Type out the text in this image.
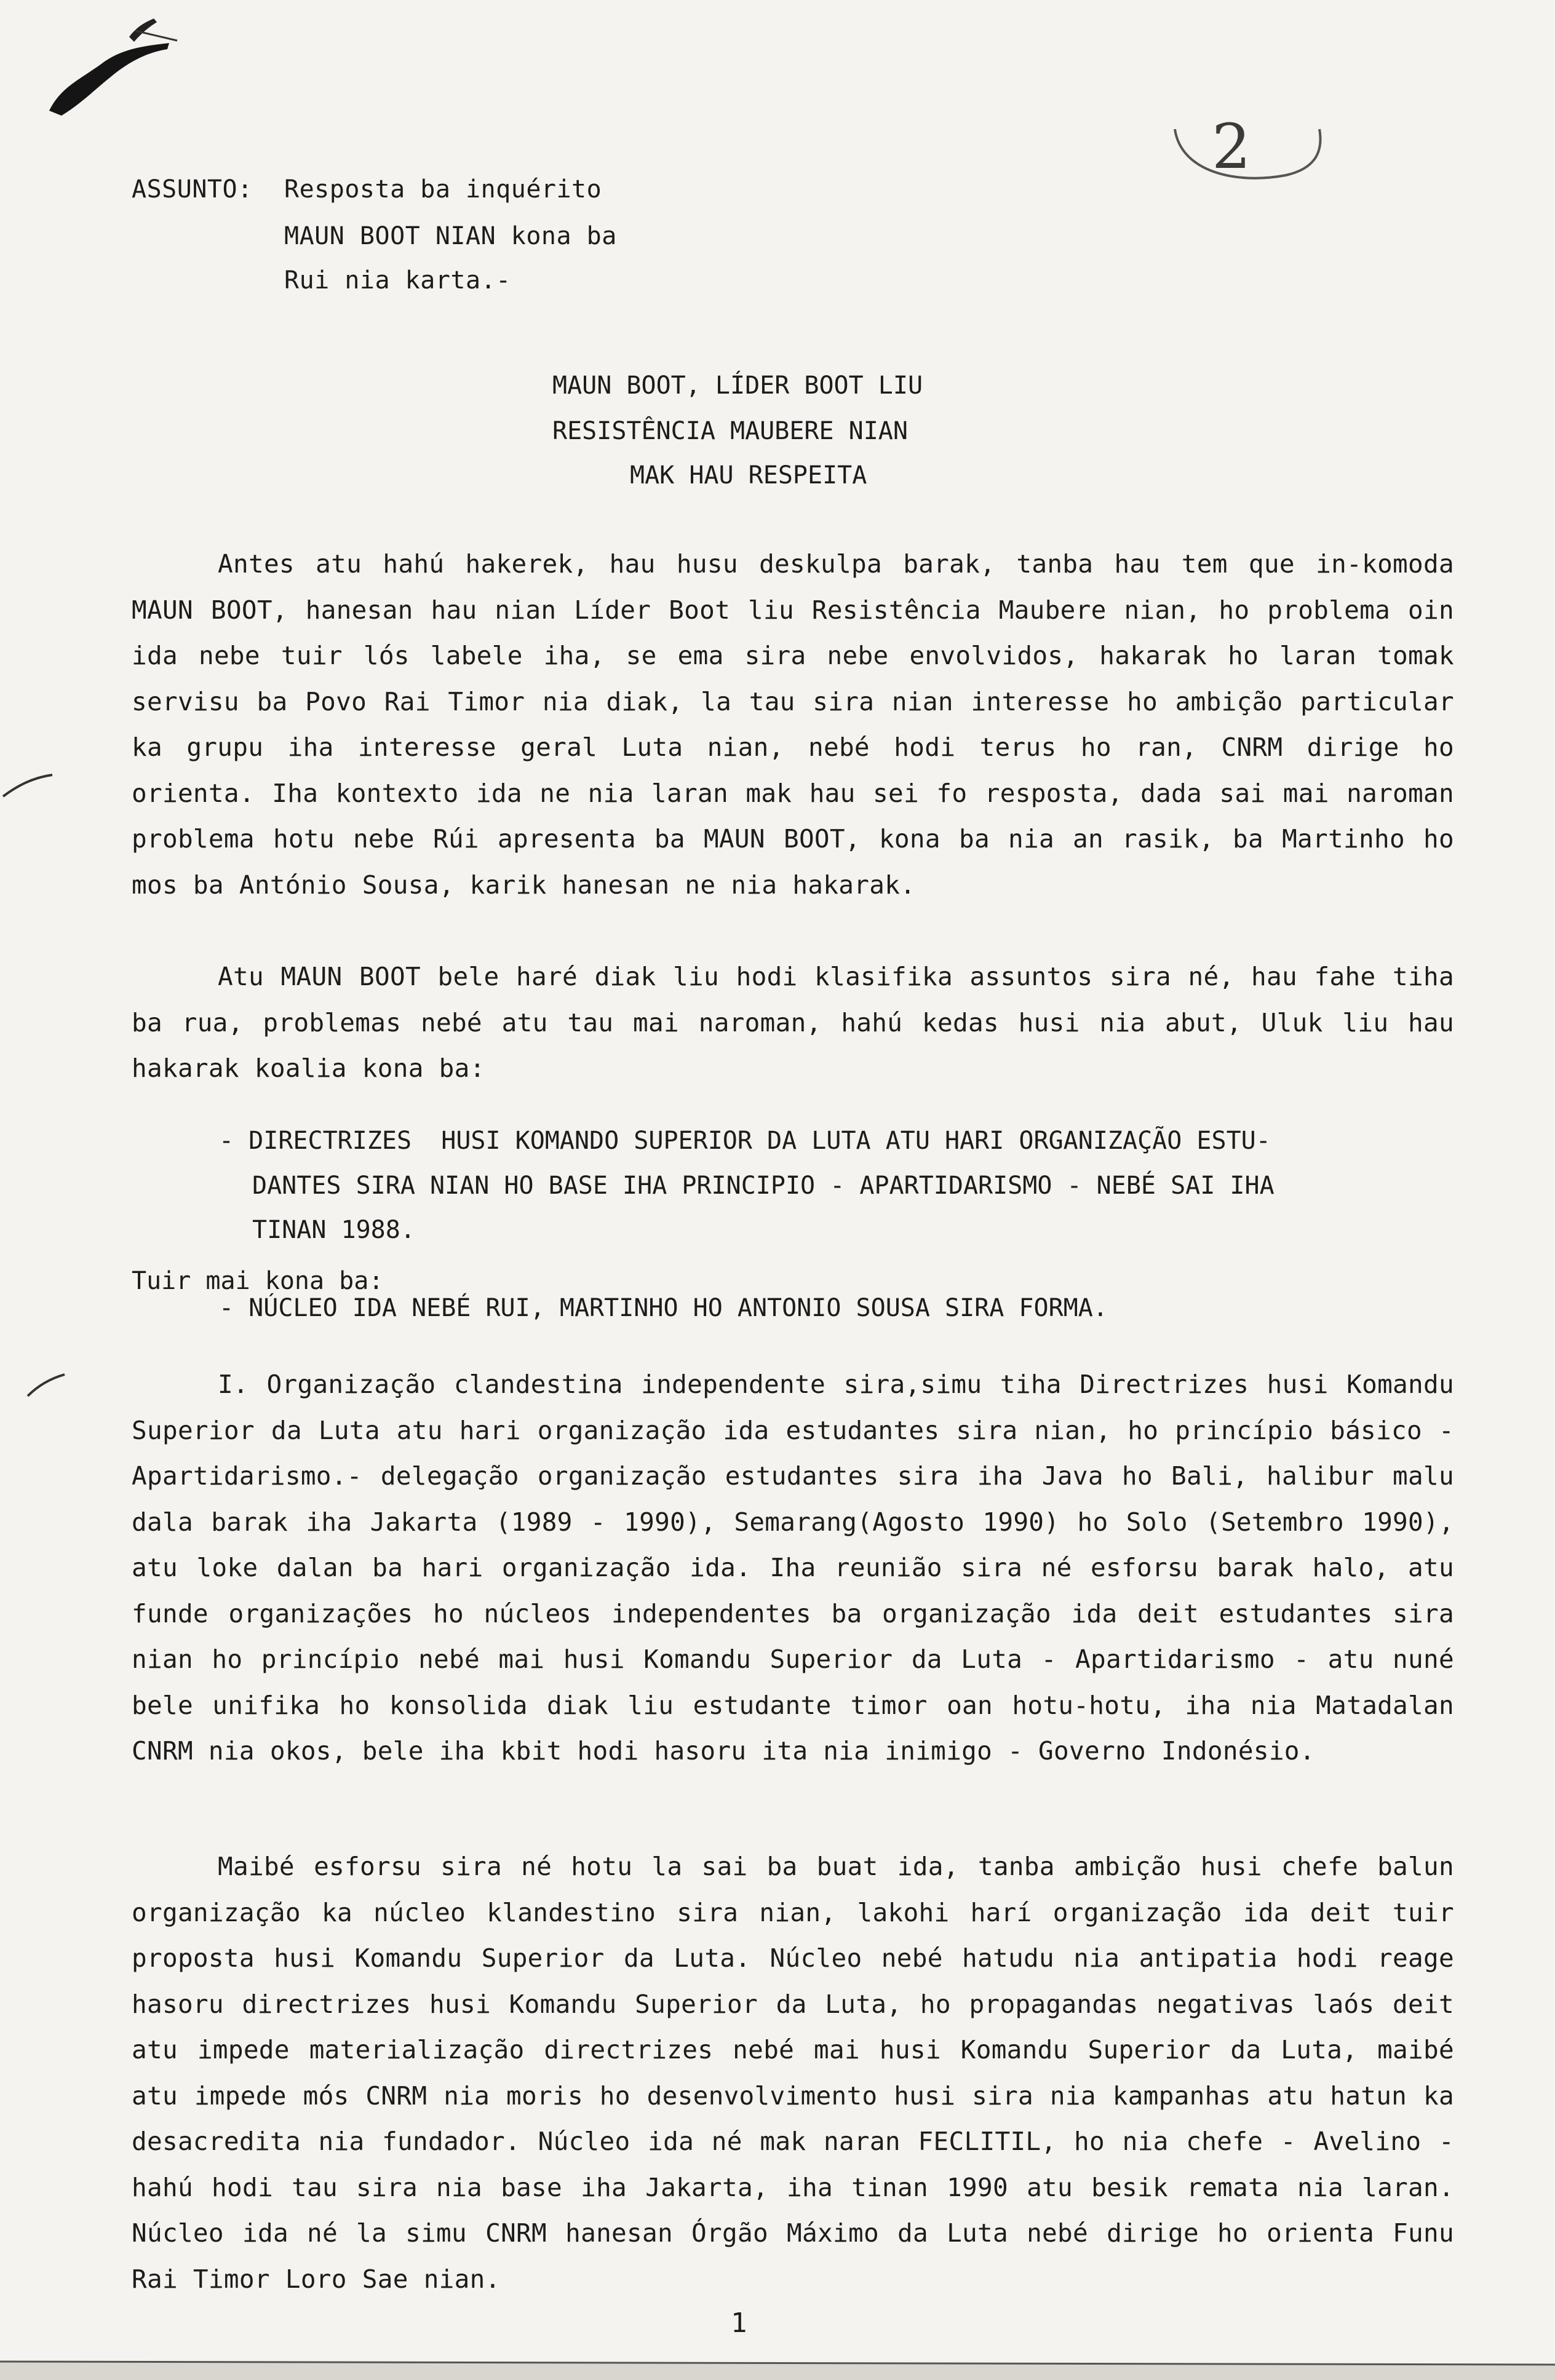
2
ASSUNTO: Resposta ba inquérito
MAUN BOOT NIAN kona ba
Rui nia karta.-
MAUN BOOT, LÍDER BOOT LIU
RESISTÊNCIA MAUBERE NIAN
MAK HAU RESPEITA

Antes atu hahú hakerek, hau husu deskulpa barak, tanba hau tem que in-komoda MAUN BOOT, hanesan hau nian Líder Boot liu Resistência Maubere nian, ho problema oin ida nebe tuir lós labele iha, se ema sira nebe envolvidos, hakarak ho laran tomak servisu ba Povo Rai Timor nia diak, la tau sira nian interesse ho ambição particular ka grupu iha interesse geral Luta nian, nebé hodi terus ho ran, CNRM dirige ho orienta. Iha kontexto ida ne nia laran mak hau sei fo resposta, dada sai mai naroman problema hotu nebe Rúi apresenta ba MAUN BOOT, kona ba nia an rasik, ba Martinho ho mos ba António Sousa, karik hanesan ne nia hakarak.

Atu MAUN BOOT bele haré diak liu hodi klasifika assuntos sira né, hau fahe tiha ba rua, problemas nebé atu tau mai naroman, hahú kedas husi nia abut, Uluk liu hau hakarak koalia kona ba:

- DIRECTRIZES  HUSI KOMANDO SUPERIOR DA LUTA ATU HARI ORGANIZAÇÃO ESTU-
DANTES SIRA NIAN HO BASE IHA PRINCIPIO - APARTIDARISMO - NEBÉ SAI IHA
TINAN 1988.
Tuir mai kona ba:
- NÚCLEO IDA NEBÉ RUI, MARTINHO HO ANTONIO SOUSA SIRA FORMA.

I. Organização clandestina independente sira,simu tiha Directrizes husi Komandu Superior da Luta atu hari organização ida estudantes sira nian, ho princípio básico - Apartidarismo.- delegação organização estudantes sira iha Java ho Bali, halibur malu dala barak iha Jakarta (1989 - 1990), Semarang(Agosto 1990) ho Solo (Setembro 1990), atu loke dalan ba hari organização ida. Iha reunião sira né esforsu barak halo, atu funde organizações ho núcleos independentes ba organização ida deit estudantes sira nian ho princípio nebé mai husi Komandu Superior da Luta - Apartidarismo - atu nuné bele unifika ho konsolida diak liu estudante timor oan hotu-hotu, iha nia Matadalan CNRM nia okos, bele iha kbit hodi hasoru ita nia inimigo - Governo Indonésio.

Maibé esforsu sira né hotu la sai ba buat ida, tanba ambição husi chefe balun organização ka núcleo klandestino sira nian, lakohi harí organização ida deit tuir proposta husi Komandu Superior da Luta. Núcleo nebé hatudu nia antipatia hodi reage hasoru directrizes husi Komandu Superior da Luta, ho propagandas negativas laós deit atu impede materialização directrizes nebé mai husi Komandu Superior da Luta, maibé atu impede mós CNRM nia moris ho desenvolvimento husi sira nia kampanhas atu hatun ka desacredita nia fundador. Núcleo ida né mak naran FECLITIL, ho nia chefe - Avelino - hahú hodi tau sira nia base iha Jakarta, iha tinan 1990 atu besik remata nia laran. Núcleo ida né la simu CNRM hanesan Órgão Máximo da Luta nebé dirige ho orienta Funu Rai Timor Loro Sae nian.

1
